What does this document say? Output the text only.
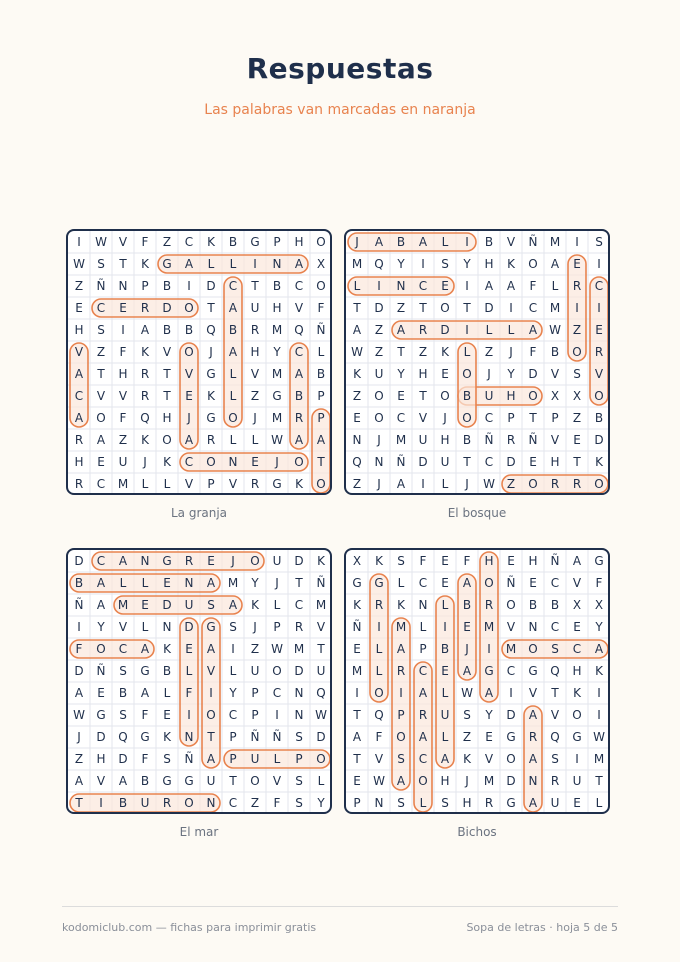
Respuestas
Las palabras van marcadas en naranja
I	W V	F	Z	C	K	B	G	P	H	O
W	S	T	K	G	A	L	L	I	N	A	X
Z	Ñ	N	P	B	I	D	C	T	B	C	O
E	C	E	R	D	O	T	A	U	H	V	F
H	S	I	A	B	B	Q	B	R	M	Q	Ñ
V	Z	F	K	V	O	J	A	H	Y	C	L
A	T	H	R	T	V	G	L	V	M	A	B
C	V	V	R	T	E	K	L	Z	G	B	P
A	O	F	Q	H	J	G	O	J	M	R	P
R	A	Z	K	O	A	R	L	L	W A	A
H	E	U	J	K	C	O	N	E	J	O	T
R	C	M	L	L	V	P	V	R	G	K	O
La granja
J	A	B	A	L	I	B	V	Ñ	M	I	S
M	Q	Y	I	S	Y	H	K	O	A	E	I
L	I	N	C	E	I	A	A	F	L	R	C
T	D	Z	T	O	T	D	I	C	M	I	I
A	Z	A	R	D	I	L	L	A W Z	E
W Z	T	Z	K	L	Z	J	F	B	O	R
K	U	Y	H	E	O	J	Y	D	V	S	V
Z	O	E	T	O	B	U	H	O	X	X	O
E	O	C	V	J	O	C	P	T	P	Z	B
N	J	M	U	H	B	Ñ	R	Ñ	V	E	D
Q	N	Ñ	D	U	T	C	D	E	H	T	K
Z	J	A	I	L	J	W Z	O	R	R	O
El bosque
D	C	A	N	G	R	E	J	O	U	D	K
B	A	L	L	E	N	A	M	Y	J	T	Ñ
Ñ	A	M	E	D	U	S	A	K	L	C	M
I	Y	V	L	N	D	G	S	J	P	R	V
F	O	C	A	K	E	A	I	Z W M	T
D	Ñ	S	G	B	L	V	L	U	O	D	U
A	E	B	A	L	F	I	Y	P	C	N	Q
W G	S	F	E	I	O	C	P	I	N W
J	D	Q	G	K	N	T	P	Ñ	Ñ	S	D
Z	H	D	F	S	Ñ	A	P	U	L	P	O
A	V	A	B	G	G	U	T	O	V	S	L
T	I	B	U	R	O	N	C	Z	F	S	Y
El mar
X	K	S	F	E	F	H	E	H	Ñ	A	G
G	G	L	C	E	A	O	Ñ	E	C	V	F
K	R	K	N	L	B	R	O	B	B	X	X
Ñ	I	M	L	I	E	M	V	N	C	E	Y
E	L	A	P	B	J	I	M	O	S	C	A
M	L	R	C	E	A	G	C	G	Q	H	K
I	O	I	A	L	W A	I	V	T	K	I
T	Q	P	R	U	S	Y	D	A	V	O	I
A	F	O	A	L	Z	E	G	R	Q	G W
T	V	S	C	A	K	V	O	A	S	I	M
E	W A	O	H	J	M	D	N	R	U	T
P	N	S	L	S	H	R	G	A	U	E	L
Bichos
kodomiclub.com — fichas para imprimir gratis	Sopa de letras · hoja 5 de 5
